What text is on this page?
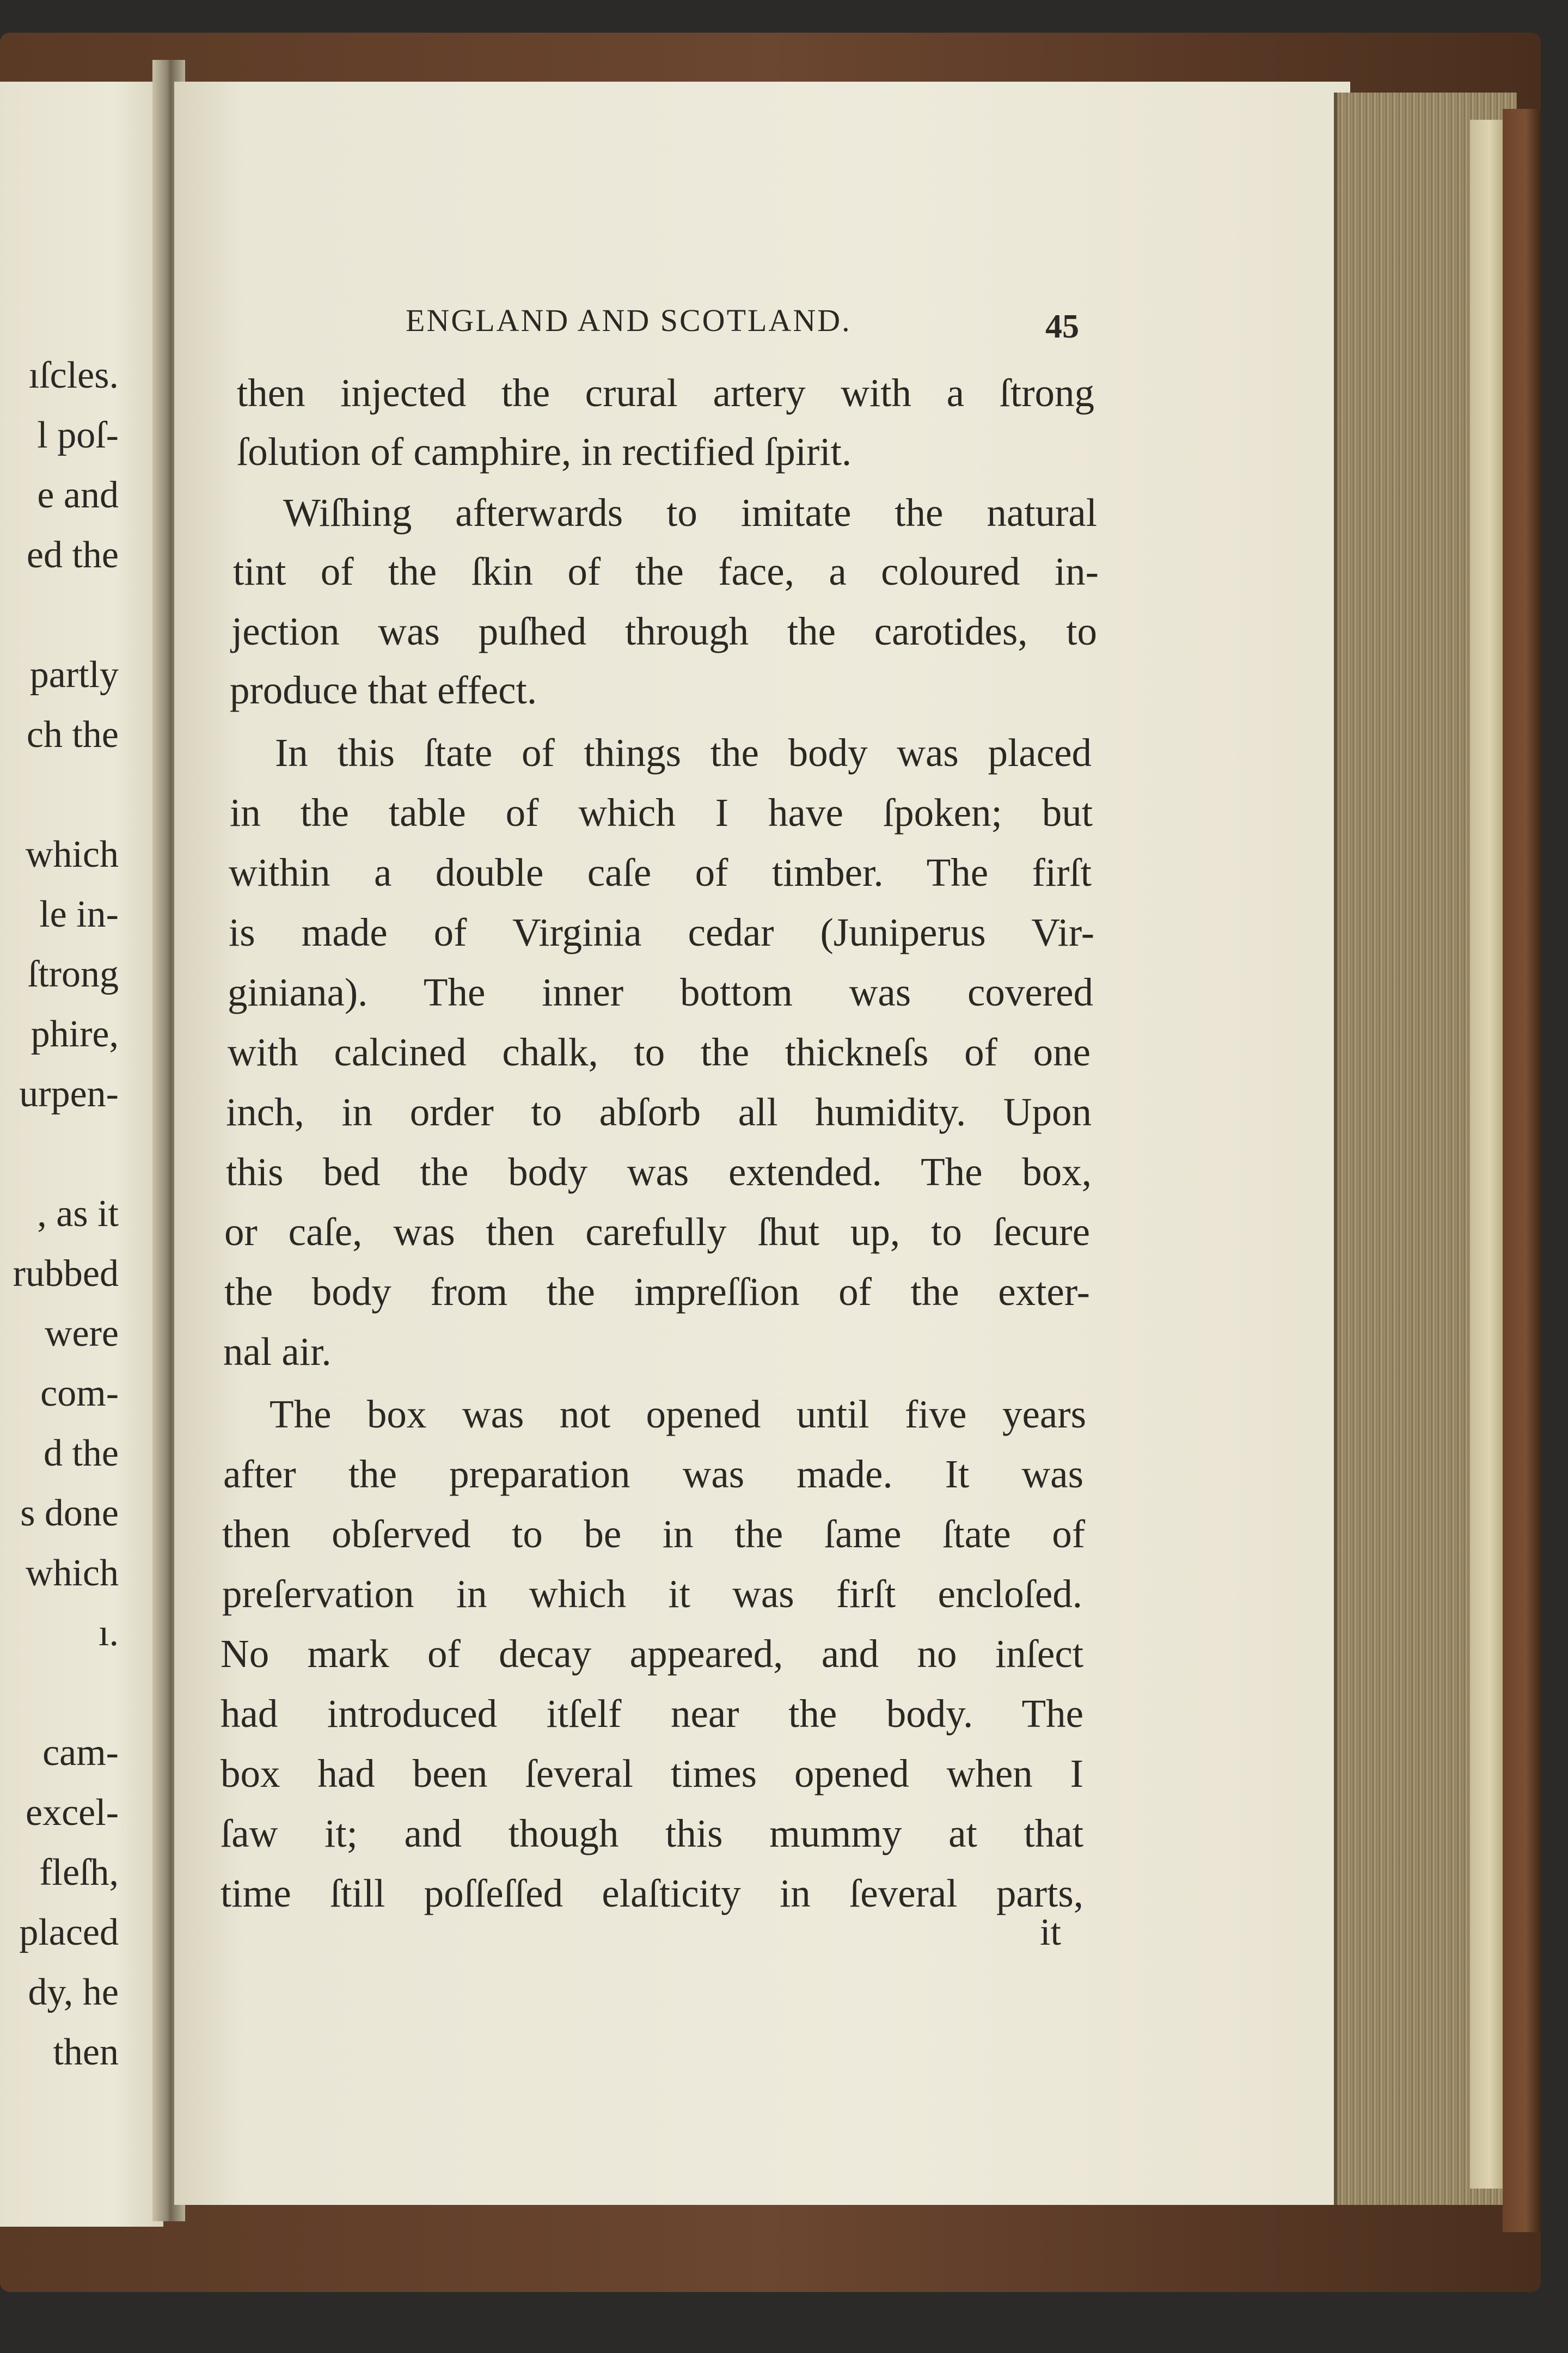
ıſcles.
l poſ-
e and
ed the
partly
ch the
which
le in-
ſtrong
phire,
urpen-
, as it
rubbed
were
com-
d the
s done
which
ı.
cam-
excel-
fleſh,
placed
dy, he
then
ENGLAND AND SCOTLAND.	45
then injected the crural artery with a ſtrong
ſolution of camphire, in rectified ſpirit.
Wiſhing afterwards to imitate the natural
tint of the ſkin of the face, a coloured in-
jection was puſhed through the carotides, to
produce that effect.
In this ſtate of things the body was placed
in the table of which I have ſpoken; but
within a double caſe of timber. The firſt
is made of Virginia cedar (Juniperus Vir-
giniana). The inner bottom was covered
with calcined chalk, to the thickneſs of one
inch, in order to abſorb all humidity. Upon
this bed the body was extended. The box,
or caſe, was then carefully ſhut up, to ſecure
the body from the impreſſion of the exter-
nal air.
The box was not opened until five years
after the preparation was made. It was
then obſerved to be in the ſame ſtate of
preſervation in which it was firſt encloſed.
No mark of decay appeared, and no inſect
had introduced itſelf near the body. The
box had been ſeveral times opened when I
ſaw it; and though this mummy at that
time ſtill poſſeſſed elaſticity in ſeveral parts,
it
